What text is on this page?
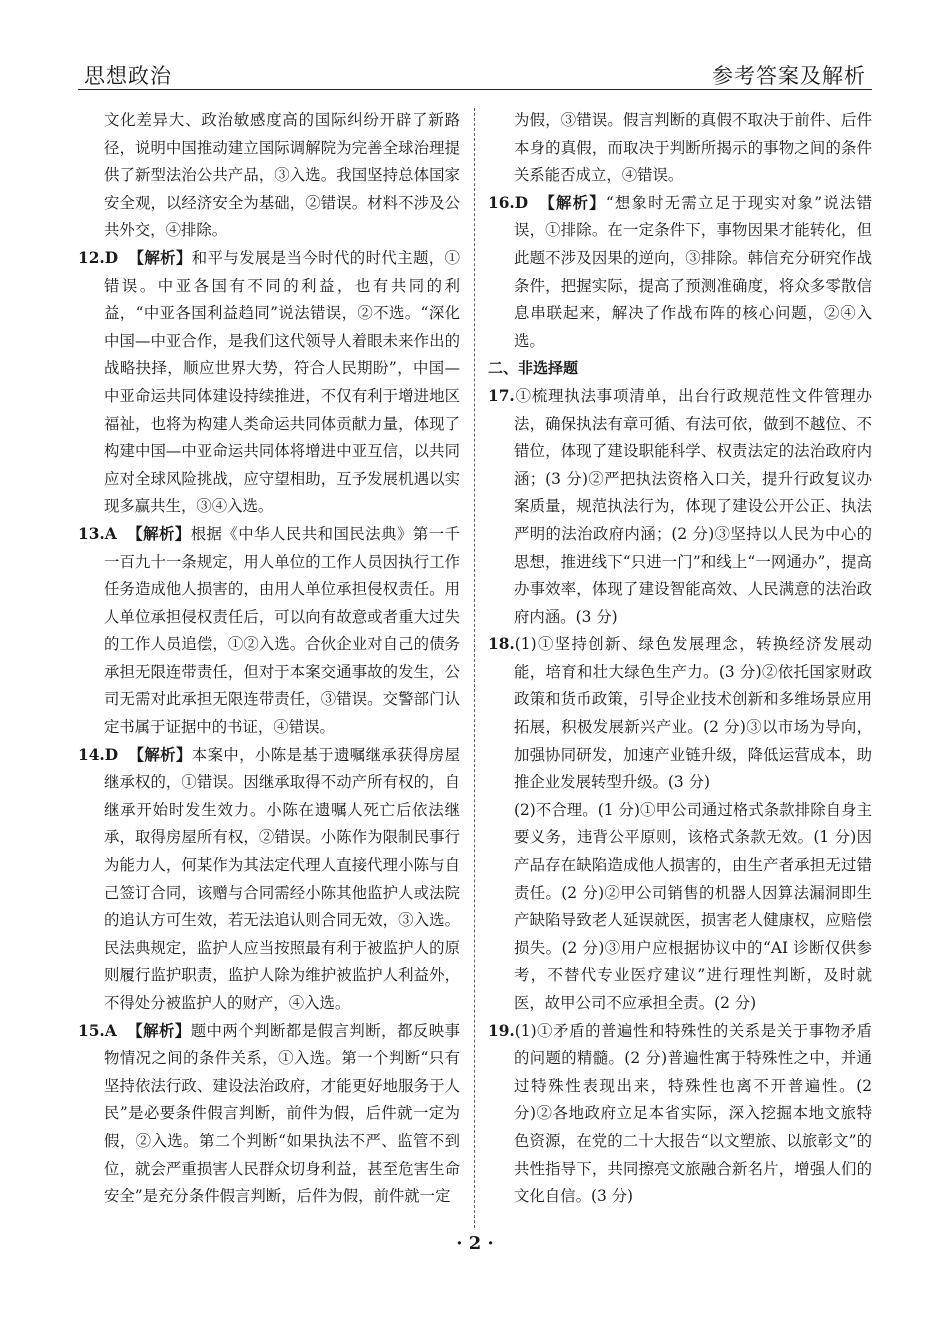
思想政治	参考答案及解析

文化差异大、政治敏感度高的国际纠纷开辟了新路径，说明中国推动建立国际调解院为完善全球治理提供了新型法治公共产品，③入选。我国坚持总体国家安全观，以经济安全为基础，②错误。材料不涉及公共外交，④排除。

12.D 【解析】和平与发展是当今时代的时代主题，①错误。中亚各国有不同的利益，也有共同的利益，“中亚各国利益趋同”说法错误，②不选。“深化中国—中亚合作，是我们这代领导人着眼未来作出的战略抉择，顺应世界大势，符合人民期盼”，中国—中亚命运共同体建设持续推进，不仅有利于增进地区福祉，也将为构建人类命运共同体贡献力量，体现了构建中国—中亚命运共同体将增进中亚互信，以共同应对全球风险挑战，应守望相助，互予发展机遇以实现多赢共生，③④入选。

13.A 【解析】根据《中华人民共和国民法典》第一千一百九十一条规定，用人单位的工作人员因执行工作任务造成他人损害的，由用人单位承担侵权责任。用人单位承担侵权责任后，可以向有故意或者重大过失的工作人员追偿，①②入选。合伙企业对自己的债务承担无限连带责任，但对于本案交通事故的发生，公司无需对此承担无限连带责任，③错误。交警部门认定书属于证据中的书证，④错误。

14.D 【解析】本案中，小陈是基于遗嘱继承获得房屋继承权的，①错误。因继承取得不动产所有权的，自继承开始时发生效力。小陈在遗嘱人死亡后依法继承，取得房屋所有权，②错误。小陈作为限制民事行为能力人，何某作为其法定代理人直接代理小陈与自己签订合同，该赠与合同需经小陈其他监护人或法院的追认方可生效，若无法追认则合同无效，③入选。民法典规定，监护人应当按照最有利于被监护人的原则履行监护职责，监护人除为维护被监护人利益外，不得处分被监护人的财产，④入选。

15.A 【解析】题中两个判断都是假言判断，都反映事物情况之间的条件关系，①入选。第一个判断“只有坚持依法行政、建设法治政府，才能更好地服务于人民”是必要条件假言判断，前件为假，后件就一定为假，②入选。第二个判断“如果执法不严、监管不到位，就会严重损害人民群众切身利益，甚至危害生命安全”是充分条件假言判断，后件为假，前件就一定

为假，③错误。假言判断的真假不取决于前件、后件本身的真假，而取决于判断所揭示的事物之间的条件关系能否成立，④错误。

16.D 【解析】“想象时无需立足于现实对象”说法错误，①排除。在一定条件下，事物因果才能转化，但此题不涉及因果的逆向，③排除。韩信充分研究作战条件，把握实际，提高了预测准确度，将众多零散信息串联起来，解决了作战布阵的核心问题，②④入选。

二、非选择题

17.①梳理执法事项清单，出台行政规范性文件管理办法，确保执法有章可循、有法可依，做到不越位、不错位，体现了建设职能科学、权责法定的法治政府内涵；(3 分)②严把执法资格入口关，提升行政复议办案质量，规范执法行为，体现了建设公开公正、执法严明的法治政府内涵；(2 分)③坚持以人民为中心的思想，推进线下“只进一门”和线上“一网通办”，提高办事效率，体现了建设智能高效、人民满意的法治政府内涵。(3 分)

18.(1)①坚持创新、绿色发展理念，转换经济发展动能，培育和壮大绿色生产力。(3 分)②依托国家财政政策和货币政策，引导企业技术创新和多维场景应用拓展，积极发展新兴产业。(2 分)③以市场为导向，加强协同研发，加速产业链升级，降低运营成本，助推企业发展转型升级。(3 分)

(2)不合理。(1 分)①甲公司通过格式条款排除自身主要义务，违背公平原则，该格式条款无效。(1 分)因产品存在缺陷造成他人损害的，由生产者承担无过错责任。(2 分)②甲公司销售的机器人因算法漏洞即生产缺陷导致老人延误就医，损害老人健康权，应赔偿损失。(2 分)③用户应根据协议中的“AI 诊断仅供参考，不替代专业医疗建议”进行理性判断，及时就医，故甲公司不应承担全责。(2 分)

19.(1)①矛盾的普遍性和特殊性的关系是关于事物矛盾的问题的精髓。(2 分)普遍性寓于特殊性之中，并通过特殊性表现出来，特殊性也离不开普遍性。(2 分)②各地政府立足本省实际，深入挖掘本地文旅特色资源，在党的二十大报告“以文塑旅、以旅彰文”的共性指导下，共同擦亮文旅融合新名片，增强人们的文化自信。(3 分)

· 2 ·
